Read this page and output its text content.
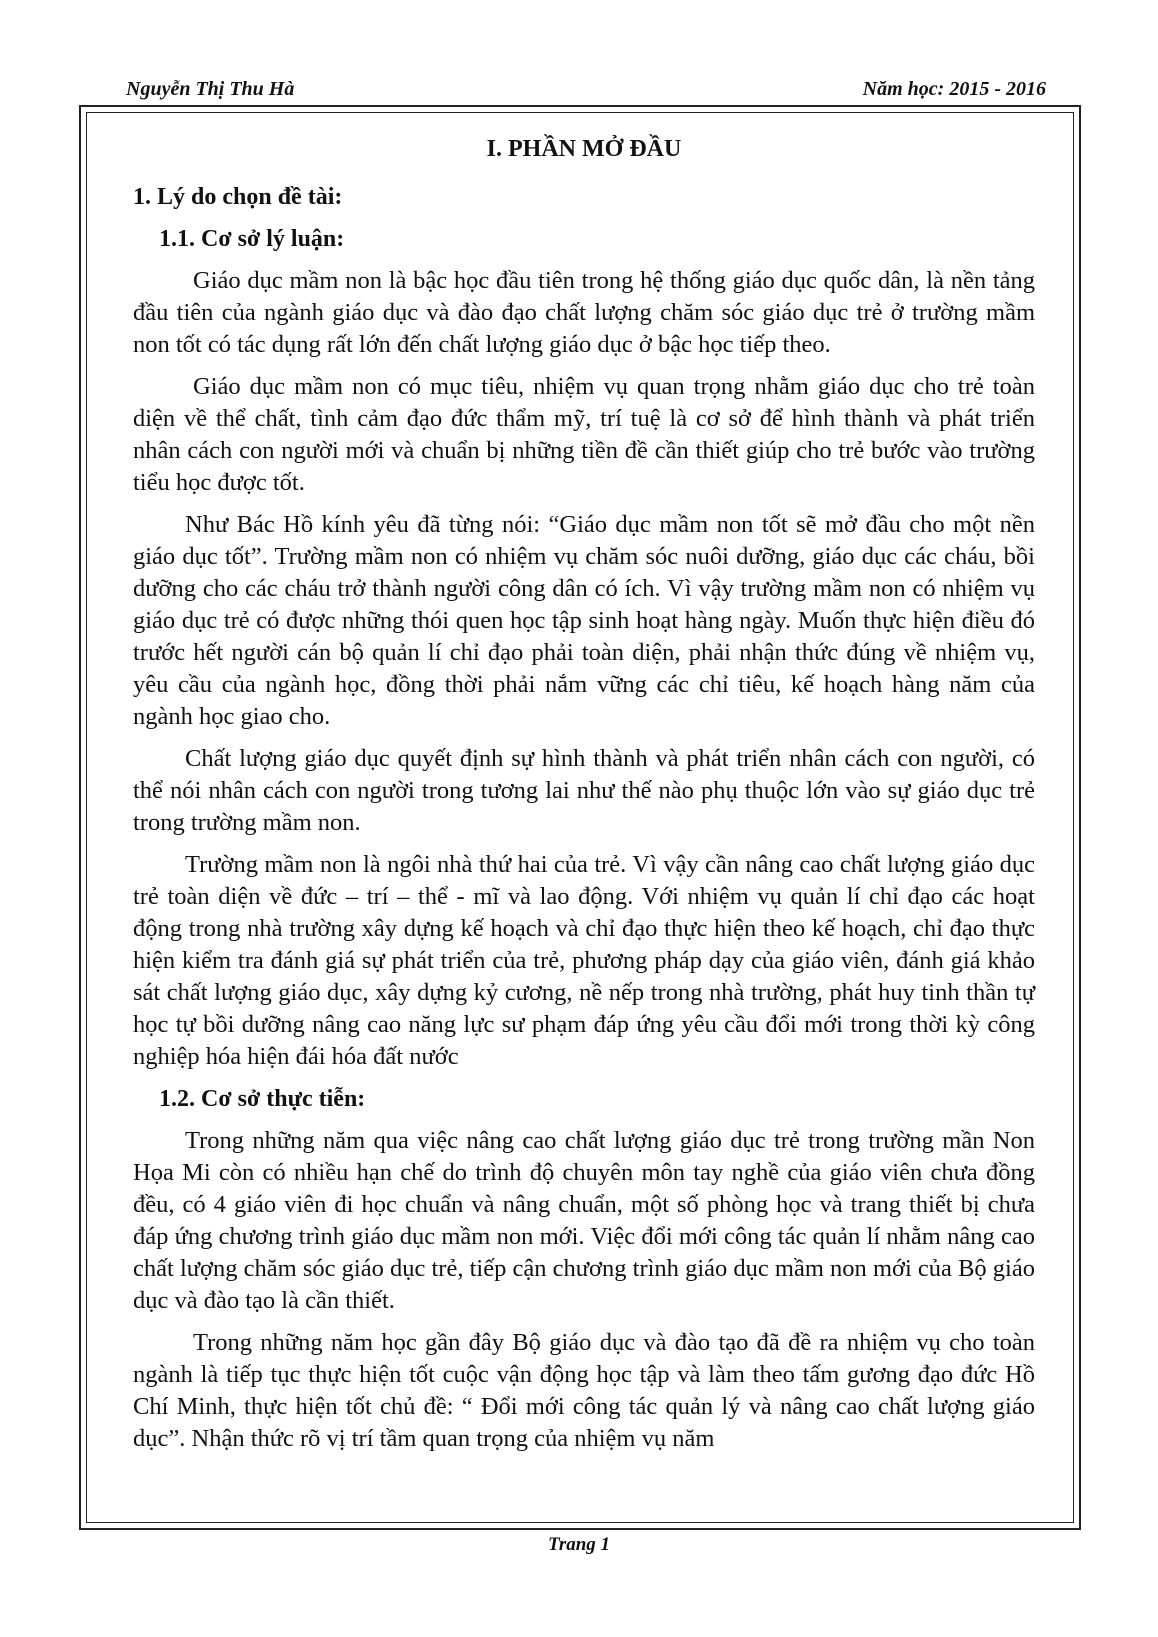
Nguyễn Thị Thu Hà	Năm học: 2015 - 2016
I. PHẦN MỞ ĐẦU
1. Lý do chọn đề tài:
1.1. Cơ sở lý luận:

Giáo dục mầm non là bậc học đầu tiên trong hệ thống giáo dục quốc dân, là nền tảng đầu tiên của ngành giáo dục và đào đạo chất lượng chăm sóc giáo dục trẻ ở trường mầm non tốt có tác dụng rất lớn đến chất lượng giáo dục ở bậc học tiếp theo.

Giáo dục mầm non có mục tiêu, nhiệm vụ quan trọng nhằm giáo dục cho trẻ toàn diện về thể chất, tình cảm đạo đức thẩm mỹ, trí tuệ là cơ sở để hình thành và phát triển nhân cách con người mới và chuẩn bị những tiền đề cần thiết giúp cho trẻ bước vào trường tiểu học được tốt.

Như Bác Hồ kính yêu đã từng nói: “Giáo dục mầm non tốt sẽ mở đầu cho một nền giáo dục tốt”. Trường mầm non có nhiệm vụ chăm sóc nuôi dưỡng, giáo dục các cháu, bồi dưỡng cho các cháu trở thành người công dân có ích. Vì vậy trường mầm non có nhiệm vụ giáo dục trẻ có được những thói quen học tập sinh hoạt hàng ngày. Muốn thực hiện điều đó trước hết người cán bộ quản lí chỉ đạo phải toàn diện, phải nhận thức đúng về nhiệm vụ, yêu cầu của ngành học, đồng thời phải nắm vững các chỉ tiêu, kế hoạch hàng năm của ngành học giao cho.

Chất lượng giáo dục quyết định sự hình thành và phát triển nhân cách con người, có thể nói nhân cách con người trong tương lai như thế nào phụ thuộc lớn vào sự giáo dục trẻ trong trường mầm non.

Trường mầm non là ngôi nhà thứ hai của trẻ. Vì vậy cần nâng cao chất lượng giáo dục trẻ toàn diện về đức – trí – thể - mĩ và lao động. Với nhiệm vụ quản lí chỉ đạo các hoạt động trong nhà trường xây dựng kế hoạch và chỉ đạo thực hiện theo kế hoạch, chỉ đạo thực hiện kiểm tra đánh giá sự phát triển của trẻ, phương pháp dạy của giáo viên, đánh giá khảo sát chất lượng giáo dục, xây dựng kỷ cương, nề nếp trong nhà trường, phát huy tinh thần tự học tự bồi dưỡng nâng cao năng lực sư phạm đáp ứng yêu cầu đổi mới trong thời kỳ công nghiệp hóa hiện đái hóa đất nước

1.2. Cơ sở thực tiễn:

Trong những năm qua việc nâng cao chất lượng giáo dục trẻ trong trường mần Non Họa Mi còn có nhiều hạn chế do trình độ chuyên môn tay nghề của giáo viên chưa đồng đều, có 4 giáo viên đi học chuẩn và nâng chuẩn, một số phòng học và trang thiết bị chưa đáp ứng chương trình giáo dục mầm non mới. Việc đổi mới công tác quản lí nhằm nâng cao chất lượng chăm sóc giáo dục trẻ, tiếp cận chương trình giáo dục mầm non mới của Bộ giáo dục và đào tạo là cần thiết.

Trong những năm học gần đây Bộ giáo dục và đào tạo đã đề ra nhiệm vụ cho toàn ngành là tiếp tục thực hiện tốt cuộc vận động học tập và làm theo tấm gương đạo đức Hồ Chí Minh, thực hiện tốt chủ đề: “ Đổi mới công tác quản lý và nâng cao chất lượng giáo dục”. Nhận thức rõ vị trí tầm quan trọng của nhiệm vụ năm

Trang 1
